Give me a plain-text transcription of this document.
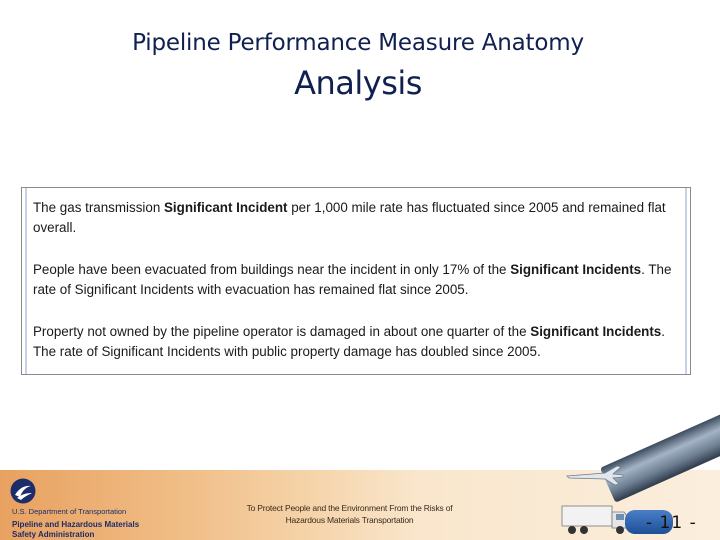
Pipeline Performance Measure Anatomy
Analysis
The gas transmission Significant Incident per 1,000 mile rate has fluctuated since 2005 and remained flat overall.
People have been evacuated from buildings near the incident in only 17% of the Significant Incidents. The rate of Significant Incidents with evacuation has remained flat since 2005.
Property not owned by the pipeline operator is damaged in about one quarter of the Significant Incidents. The rate of Significant Incidents with public property damage has doubled since 2005.
U.S. Department of Transportation
Pipeline and Hazardous Materials
Safety Administration
To Protect People and the Environment From the Risks of
Hazardous Materials Transportation	- 11 -
